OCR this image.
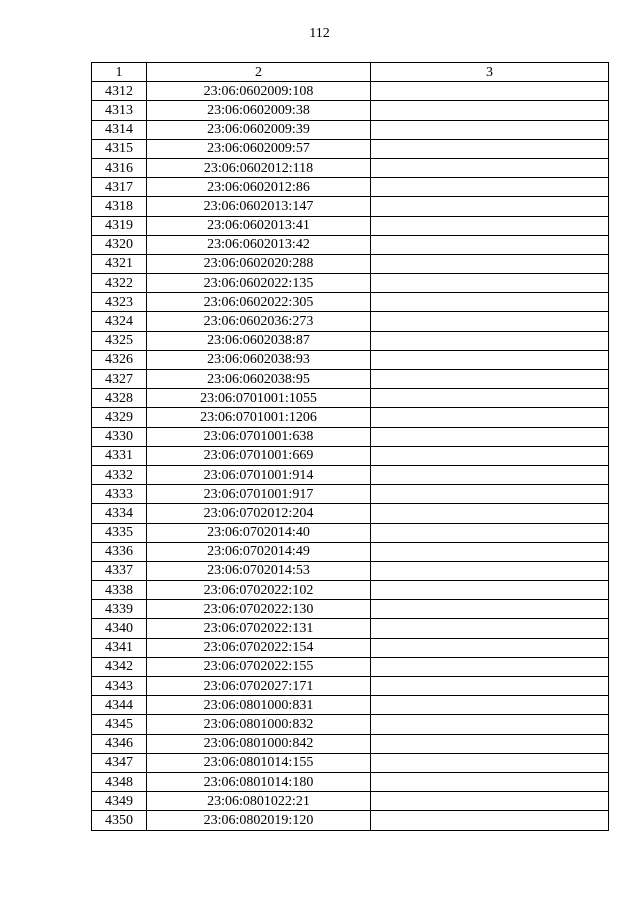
112
1	2	3
4312	23:06:0602009:108	
4313	23:06:0602009:38	
4314	23:06:0602009:39	
4315	23:06:0602009:57	
4316	23:06:0602012:118	
4317	23:06:0602012:86	
4318	23:06:0602013:147	
4319	23:06:0602013:41	
4320	23:06:0602013:42	
4321	23:06:0602020:288	
4322	23:06:0602022:135	
4323	23:06:0602022:305	
4324	23:06:0602036:273	
4325	23:06:0602038:87	
4326	23:06:0602038:93	
4327	23:06:0602038:95	
4328	23:06:0701001:1055	
4329	23:06:0701001:1206	
4330	23:06:0701001:638	
4331	23:06:0701001:669	
4332	23:06:0701001:914	
4333	23:06:0701001:917	
4334	23:06:0702012:204	
4335	23:06:0702014:40	
4336	23:06:0702014:49	
4337	23:06:0702014:53	
4338	23:06:0702022:102	
4339	23:06:0702022:130	
4340	23:06:0702022:131	
4341	23:06:0702022:154	
4342	23:06:0702022:155	
4343	23:06:0702027:171	
4344	23:06:0801000:831	
4345	23:06:0801000:832	
4346	23:06:0801000:842	
4347	23:06:0801014:155	
4348	23:06:0801014:180	
4349	23:06:0801022:21	
4350	23:06:0802019:120	
